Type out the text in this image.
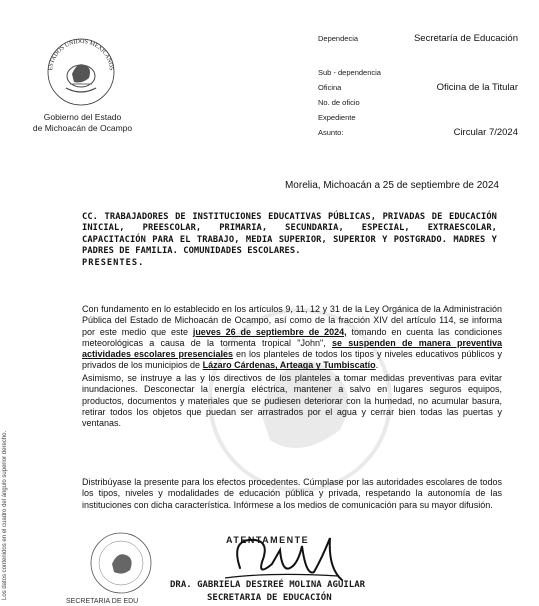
ESTADOS UNIDOS MEXICANOS
Gobierno del Estado
de Michoacán de Ocampo
Dependecia	Secretaría de Educación
Sub - dependencia
Oficina	Oficina de la Titular
No. de oficio
Expediente
Asunto:	Circular 7/2024
Morelia, Michoacán a 25 de septiembre de 2024
CC. TRABAJADORES DE INSTITUCIONES EDUCATIVAS PÚBLICAS, PRIVADAS DE EDUCACIÓN INICIAL, PREESCOLAR, PRIMARIA, SECUNDARIA, ESPECIAL, EXTRAESCOLAR, CAPACITACIÓN PARA EL TRABAJO, MEDIA SUPERIOR, SUPERIOR Y POSTGRADO. MADRES Y PADRES DE FAMILIA. COMUNIDADES ESCOLARES.
PRESENTES.
Con fundamento en lo establecido en los artículos 9, 11, 12 y 31 de la Ley Orgánica de la Administración Pública del Estado de Michoacán de Ocampo, así como de la fracción XIV del artículo 114, se informa por este medio que este jueves 26 de septiembre de 2024, tomando en cuenta las condiciones meteorológicas a causa de la tormenta tropical "John", se suspenden de manera preventiva actividades escolares presenciales en los planteles de todos los tipos y niveles educativos públicos y privados de los municipios de Lázaro Cárdenas, Arteaga y Tumbiscatío.
Asimismo, se instruye a las y los directivos de los planteles a tomar medidas preventivas para evitar inundaciones. Desconectar la energía eléctrica, mantener a salvo en lugares seguros equipos, productos, documentos y materiales que se pudiesen deteriorar con la humedad, no acumular basura, retirar todos los objetos que puedan ser arrastrados por el agua y cerrar bien todas las puertas y ventanas.
Distribúyase la presente para los efectos procedentes. Cúmplase por las autoridades escolares de todos los tipos, niveles y modalidades de educación pública y privada, respetando la autonomía de las instituciones con dicha característica. Infórmese a los medios de comunicación para su mayor difusión.
Los datos contenidos en el cuadro del ángulo superior derecho.
SECRETARIA DE EDU
ATENTAMENTE
DRA. GABRIELA DESIREÉ MOLINA AGUILAR
SECRETARIA DE EDUCACIÓN
